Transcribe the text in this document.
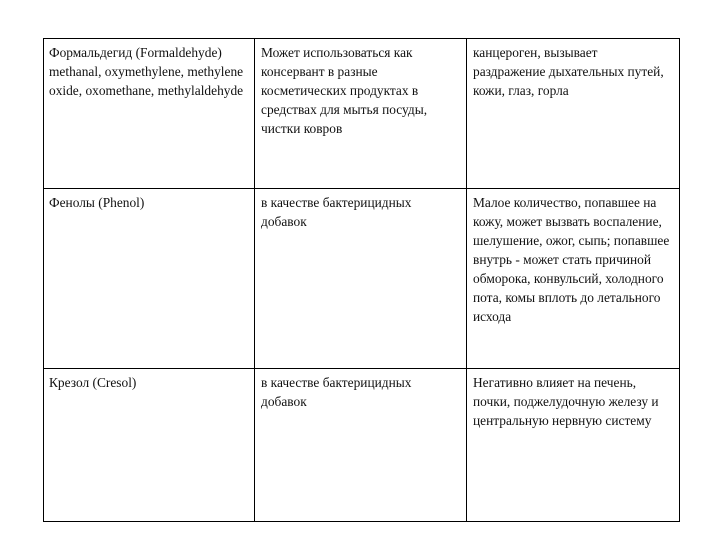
Формальдегид (Formaldehyde) methanal, oxymethylene, methylene oxide, oxomethane, methylaldehyde	Может использоваться как консервант в разные косметических продуктах в средствах для мытья посуды, чистки ковров	канцероген, вызывает раздражение дыхательных путей, кожи, глаз, горла
Фенолы (Phenol)	в качестве бактерицидных добавок	Малое количество, попавшее на кожу, может вызвать воспаление, шелушение, ожог, сыпь; попавшее внутрь - может стать причиной обморока, конвульсий, холодного пота, комы вплоть до летального исхода
Крезол (Cresol)	в качестве бактерицидных добавок	Негативно влияет на печень, почки, поджелудочную железу и центральную нервную систему
